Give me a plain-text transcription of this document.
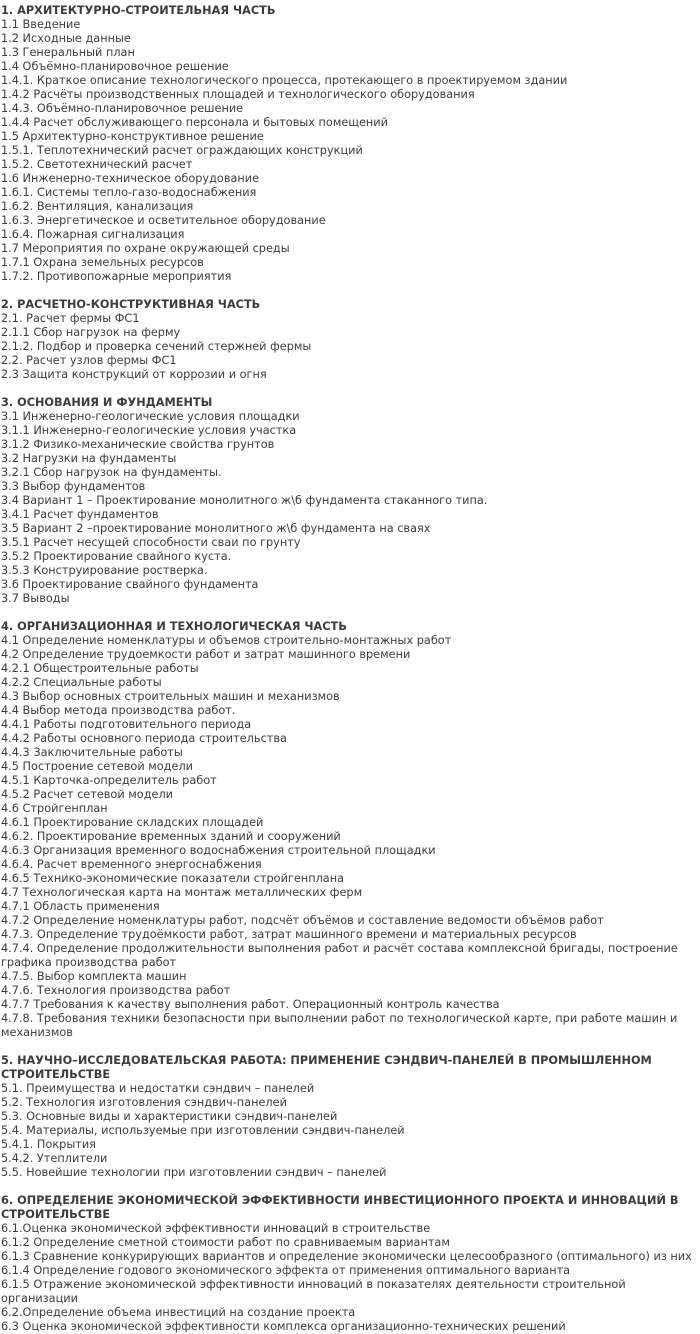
1. АРХИТЕКТУРНО-СТРОИТЕЛЬНАЯ ЧАСТЬ
1.1 Введение
1.2 Исходные данные
1.3 Генеральный план
1.4 Объёмно-планировочное решение
1.4.1. Краткое описание технологического процесса, протекающего в проектируемом здании
1.4.2 Расчёты производственных площадей и технологического оборудования
1.4.3. Объёмно-планировочное решение
1.4.4 Расчет обслуживающего персонала и бытовых помещений
1.5 Архитектурно-конструктивное решение
1.5.1. Теплотехнический расчет ограждающих конструкций
1.5.2. Светотехнический расчет
1.6 Инженерно-техническое оборудование
1.6.1. Системы тепло-газо-водоснабжения
1.6.2. Вентиляция, канализация
1.6.3. Энергетическое и осветительное оборудование
1.6.4. Пожарная сигнализация
1.7 Мероприятия по охране окружающей среды
1.7.1 Охрана земельных ресурсов
1.7.2. Противопожарные мероприятия
2. РАСЧЕТНО-КОНСТРУКТИВНАЯ ЧАСТЬ
2.1. Расчет фермы ФС1
2.1.1 Сбор нагрузок на ферму
2.1.2. Подбор и проверка сечений стержней фермы
2.2. Расчет узлов фермы ФС1
2.3 Защита конструкций от коррозии и огня
3. ОСНОВАНИЯ И ФУНДАМЕНТЫ
3.1 Инженерно-геологические условия площадки
3.1.1 Инженерно-геологические условия участка
3.1.2 Физико-механические свойства грунтов
3.2 Нагрузки на фундаменты
3.2.1 Сбор нагрузок на фундаменты.
3.3 Выбор фундаментов
3.4 Вариант 1 – Проектирование монолитного ж\б фундамента стаканного типа.
3.4.1 Расчет фундаментов
3.5 Вариант 2 –проектирование монолитного ж\б фундамента на сваях
3.5.1 Расчет несущей способности сваи по грунту
3.5.2 Проектирование свайного куста.
3.5.3 Конструирование ростверка.
3.6 Проектирование свайного фундамента
3.7 Выводы
4. ОРГАНИЗАЦИОННАЯ И ТЕХНОЛОГИЧЕСКАЯ ЧАСТЬ
4.1 Определение номенклатуры и объемов строительно-монтажных работ
4.2 Определение трудоемкости работ и затрат машинного времени
4.2.1 Общестроительные работы
4.2.2 Специальные работы
4.3 Выбор основных строительных машин и механизмов
4.4 Выбор метода производства работ.
4.4.1 Работы подготовительного периода
4.4.2 Работы основного периода строительства
4.4.3 Заключительные работы
4.5 Построение сетевой модели
4.5.1 Карточка-определитель работ
4.5.2 Расчет сетевой модели
4.6 Стройгенплан
4.6.1 Проектирование складских площадей
4.6.2. Проектирование временных зданий и сооружений
4.6.3 Организация временного водоснабжения строительной площадки
4.6.4. Расчет временного энергоснабжения
4.6.5 Технико-экономические показатели стройгенплана
4.7 Технологическая карта на монтаж металлических ферм
4.7.1 Область применения
4.7.2 Определение номенклатуры работ, подсчёт объёмов и составление ведомости объёмов работ
4.7.3. Определение трудоёмкости работ, затрат машинного времени и материальных ресурсов
4.7.4. Определение продолжительности выполнения работ и расчёт состава комплексной бригады, построение графика производства работ
4.7.5. Выбор комплекта машин
4.7.6. Технология производства работ
4.7.7 Требования к качеству выполнения работ. Операционный контроль качества
4.7.8. Требования техники безопасности при выполнении работ по технологической карте, при работе машин и механизмов
5. НАУЧНО–ИССЛЕДОВАТЕЛЬСКАЯ РАБОТА: ПРИМЕНЕНИЕ СЭНДВИЧ-ПАНЕЛЕЙ В ПРОМЫШЛЕННОМ СТРОИТЕЛЬСТВЕ
5.1. Преимущества и недостатки сэндвич – панелей
5.2. Технология изготовления сэндвич-панелей
5.3. Основные виды и характеристики сэндвич-панелей
5.4. Материалы, используемые при изготовлении сэндвич-панелей
5.4.1. Покрытия
5.4.2. Утеплители
5.5. Новейшие технологии при изготовлении сэндвич – панелей
6. ОПРЕДЕЛЕНИЕ ЭКОНОМИЧЕСКОЙ ЭФФЕКТИВНОСТИ ИНВЕСТИЦИОННОГО ПРОЕКТА И ИННОВАЦИЙ В СТРОИТЕЛЬСТВЕ
6.1.Оценка экономической эффективности инноваций в строительстве
6.1.2 Определение сметной стоимости работ по сравниваемым вариантам
6.1.3 Сравнение конкурирующих вариантов и определение экономически целесообразного (оптимального) из них
6.1.4 Определение годового экономического эффекта от применения оптимального варианта
6.1.5 Отражение экономической эффективности инноваций в показателях деятельности строительной организации
6.2.Определение объема инвестиций на создание проекта
6.3 Оценка экономической эффективности комплекса организационно-технических решений
